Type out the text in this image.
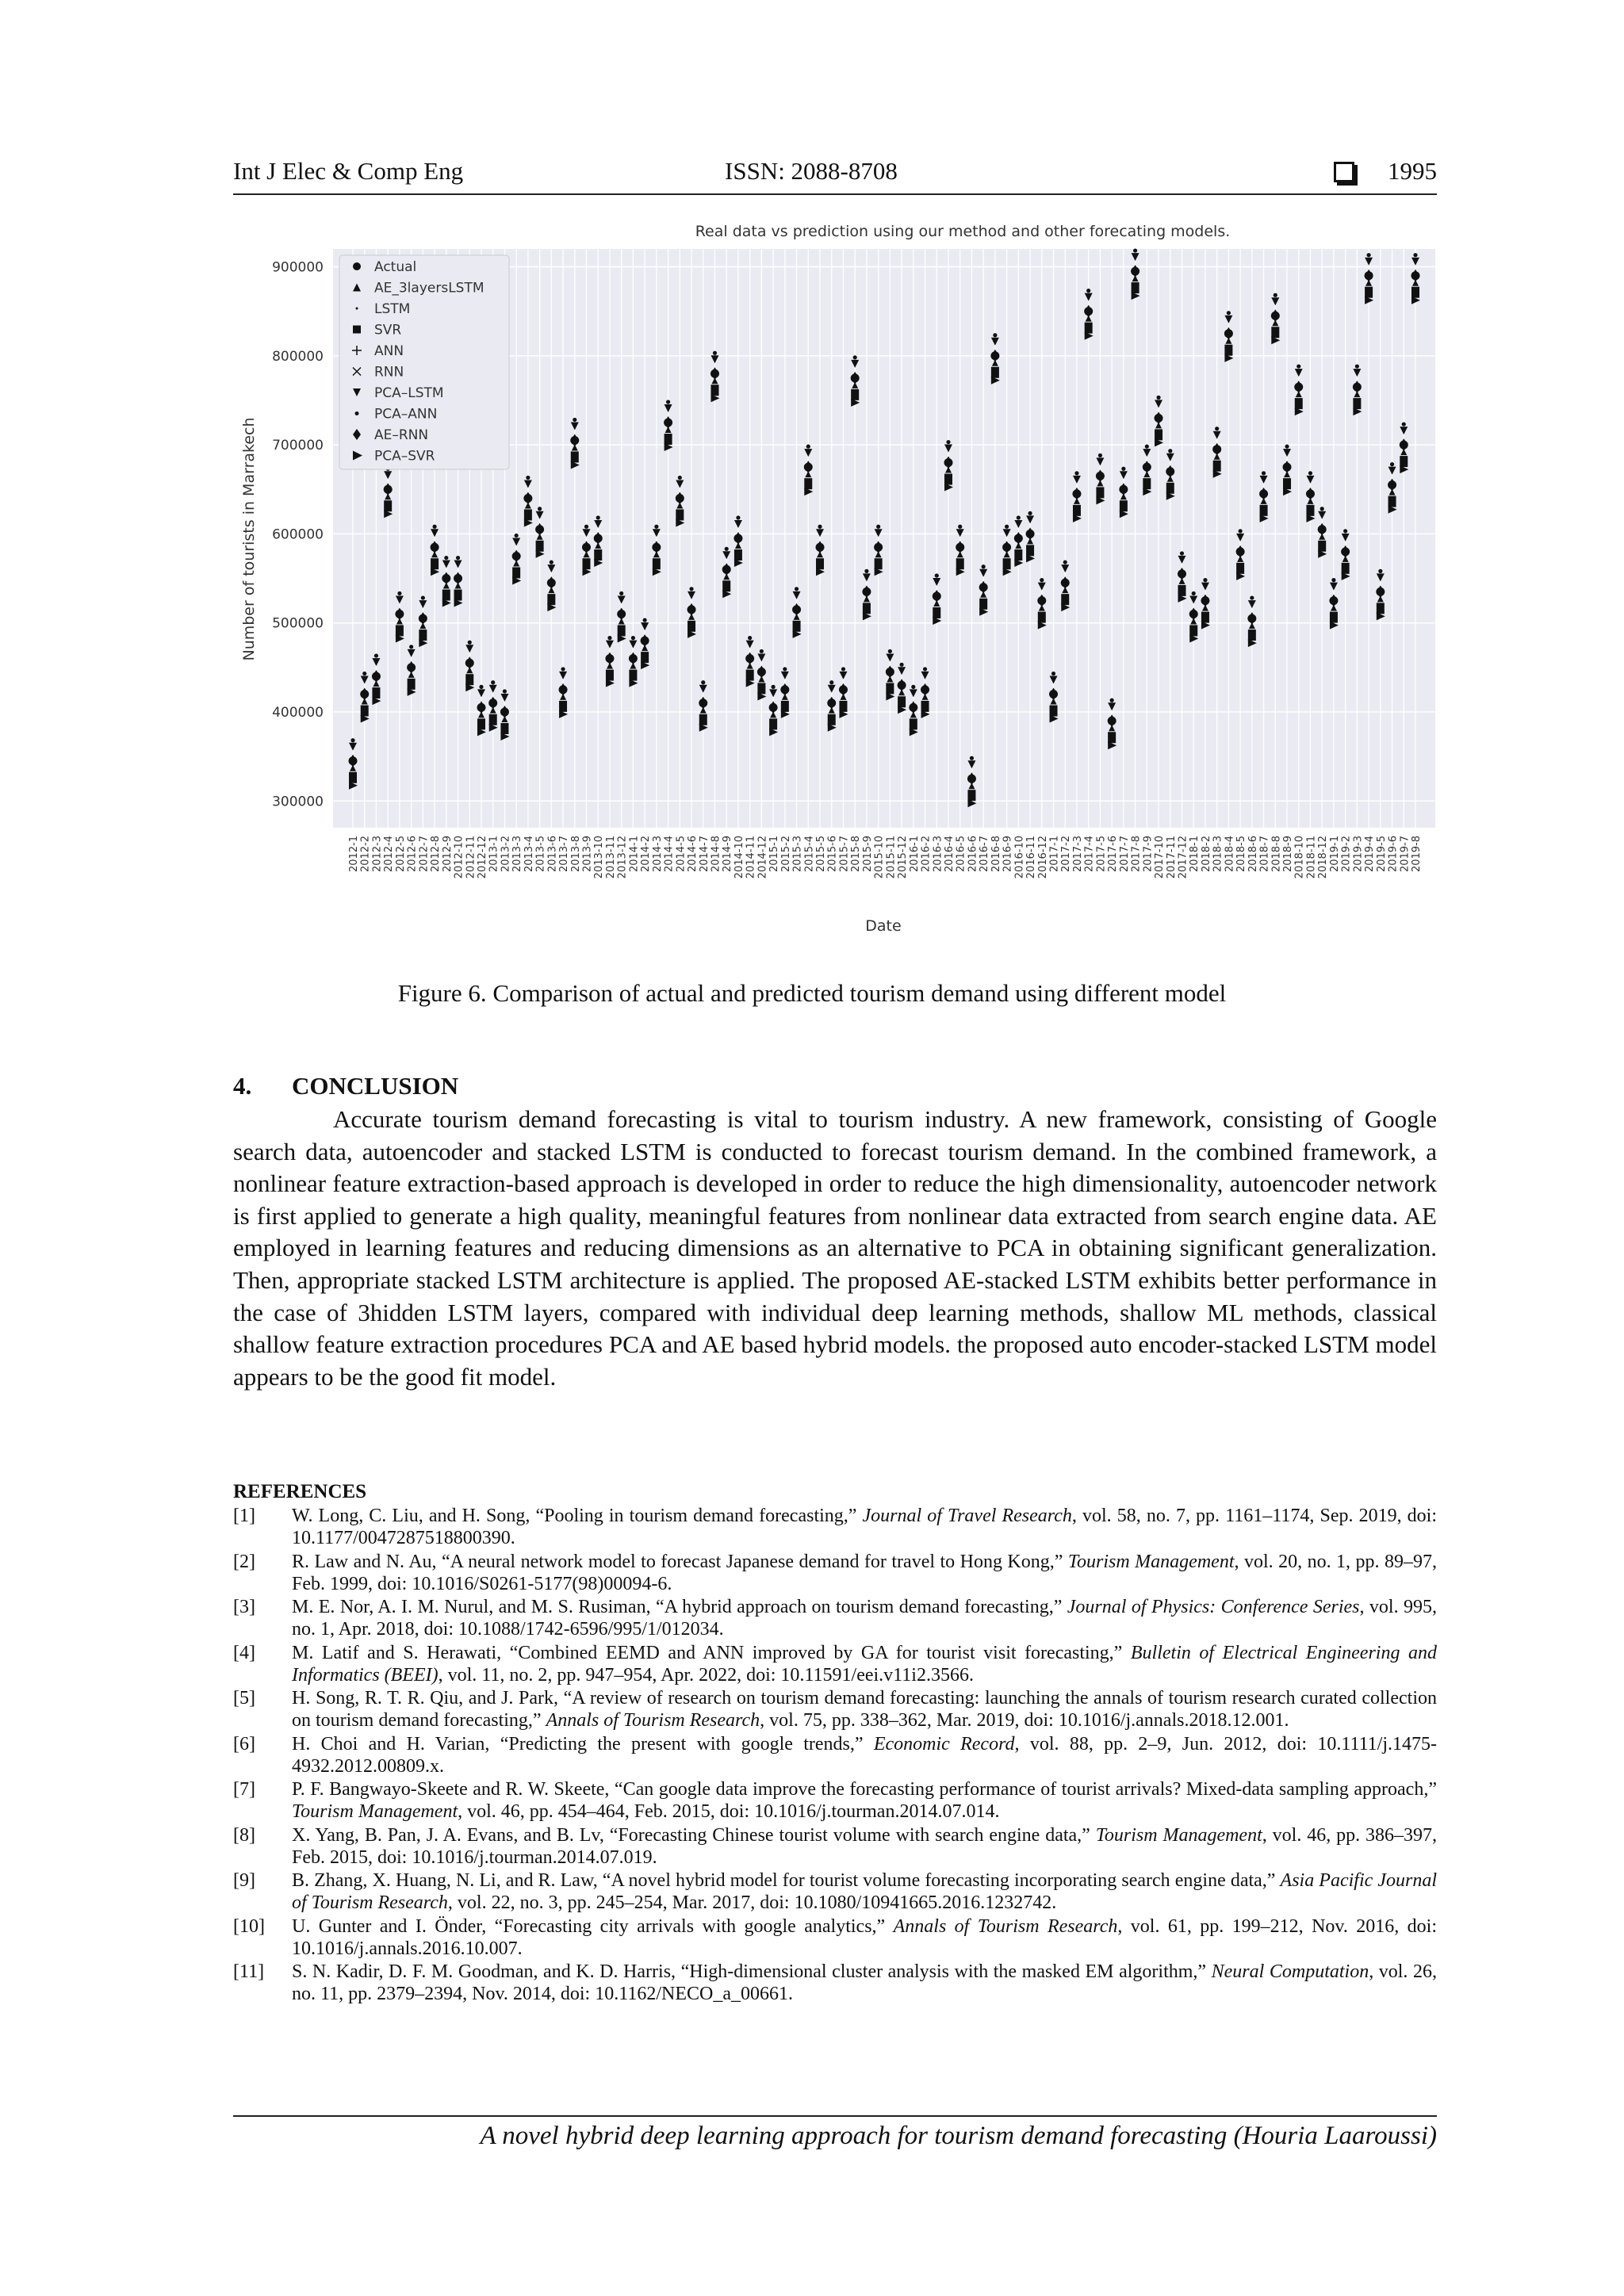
Int J Elec & Comp Eng	ISSN: 2088-8708	1995
Real data vs prediction using our method and other forecating models.
300000
400000
500000
600000
700000
800000
900000
Number of tourists in Marrakech
2012-1 2012-2 2012-3 2012-4 2012-5 2012-6 2012-7 2012-8 2012-9 2012-10 2012-11 2012-12 2013-1 2013-2 2013-3 2013-4 2013-5 2013-6 2013-7 2013-8 2013-9 2013-10 2013-11 2013-12 2014-1 2014-2 2014-3 2014-4 2014-5 2014-6 2014-7 2014-8 2014-9 2014-10 2014-11 2014-12 2015-1 2015-2 2015-3 2015-4 2015-5 2015-6 2015-7 2015-8 2015-9 2015-10 2015-11 2015-12 2016-1 2016-2 2016-3 2016-4 2016-5 2016-6 2016-7 2016-8 2016-9 2016-10 2016-11 2016-12 2017-1 2017-2 2017-3 2017-4 2017-5 2017-6 2017-7 2017-8 2017-9 2017-10 2017-11 2017-12 2018-1 2018-2 2018-3 2018-4 2018-5 2018-6 2018-7 2018-8 2018-9 2018-10 2018-11 2018-12 2019-1 2019-2 2019-3 2019-4 2019-5 2019-6 2019-7 2019-8
Date
Actual
AE_3layersLSTM
LSTM
SVR
ANN
RNN
PCA–LSTM
PCA–ANN
AE–RNN
PCA–SVR
Figure 6. Comparison of actual and predicted tourism demand using different model
4. CONCLUSION

Accurate tourism demand forecasting is vital to tourism industry. A new framework, consisting of Google search data, autoencoder and stacked LSTM is conducted to forecast tourism demand. In the combined framework, a nonlinear feature extraction-based approach is developed in order to reduce the high dimensionality, autoencoder network is first applied to generate a high quality, meaningful features from nonlinear data extracted from search engine data. AE employed in learning features and reducing dimensions as an alternative to PCA in obtaining significant generalization. Then, appropriate stacked LSTM architecture is applied. The proposed AE-stacked LSTM exhibits better performance in the case of 3hidden LSTM layers, compared with individual deep learning methods, shallow ML methods, classical shallow feature extraction procedures PCA and AE based hybrid models. the proposed auto encoder-stacked LSTM model appears to be the good fit model.

REFERENCES
[1] W. Long, C. Liu, and H. Song, “Pooling in tourism demand forecasting,” Journal of Travel Research, vol. 58, no. 7, pp. 1161–1174, Sep. 2019, doi: 10.1177/0047287518800390.
[2] R. Law and N. Au, “A neural network model to forecast Japanese demand for travel to Hong Kong,” Tourism Management, vol. 20, no. 1, pp. 89–97, Feb. 1999, doi: 10.1016/S0261-5177(98)00094-6.
[3] M. E. Nor, A. I. M. Nurul, and M. S. Rusiman, “A hybrid approach on tourism demand forecasting,” Journal of Physics: Conference Series, vol. 995, no. 1, Apr. 2018, doi: 10.1088/1742-6596/995/1/012034.
[4] M. Latif and S. Herawati, “Combined EEMD and ANN improved by GA for tourist visit forecasting,” Bulletin of Electrical Engineering and Informatics (BEEI), vol. 11, no. 2, pp. 947–954, Apr. 2022, doi: 10.11591/eei.v11i2.3566.
[5] H. Song, R. T. R. Qiu, and J. Park, “A review of research on tourism demand forecasting: launching the annals of tourism research curated collection on tourism demand forecasting,” Annals of Tourism Research, vol. 75, pp. 338–362, Mar. 2019, doi: 10.1016/j.annals.2018.12.001.
[6] H. Choi and H. Varian, “Predicting the present with google trends,” Economic Record, vol. 88, pp. 2–9, Jun. 2012, doi: 10.1111/j.1475-4932.2012.00809.x.
[7] P. F. Bangwayo-Skeete and R. W. Skeete, “Can google data improve the forecasting performance of tourist arrivals? Mixed-data sampling approach,” Tourism Management, vol. 46, pp. 454–464, Feb. 2015, doi: 10.1016/j.tourman.2014.07.014.
[8] X. Yang, B. Pan, J. A. Evans, and B. Lv, “Forecasting Chinese tourist volume with search engine data,” Tourism Management, vol. 46, pp. 386–397, Feb. 2015, doi: 10.1016/j.tourman.2014.07.019.
[9] B. Zhang, X. Huang, N. Li, and R. Law, “A novel hybrid model for tourist volume forecasting incorporating search engine data,” Asia Pacific Journal of Tourism Research, vol. 22, no. 3, pp. 245–254, Mar. 2017, doi: 10.1080/10941665.2016.1232742.
[10] U. Gunter and I. Önder, “Forecasting city arrivals with google analytics,” Annals of Tourism Research, vol. 61, pp. 199–212, Nov. 2016, doi: 10.1016/j.annals.2016.10.007.
[11] S. N. Kadir, D. F. M. Goodman, and K. D. Harris, “High-dimensional cluster analysis with the masked EM algorithm,” Neural Computation, vol. 26, no. 11, pp. 2379–2394, Nov. 2014, doi: 10.1162/NECO_a_00661.
A novel hybrid deep learning approach for tourism demand forecasting (Houria Laaroussi)
